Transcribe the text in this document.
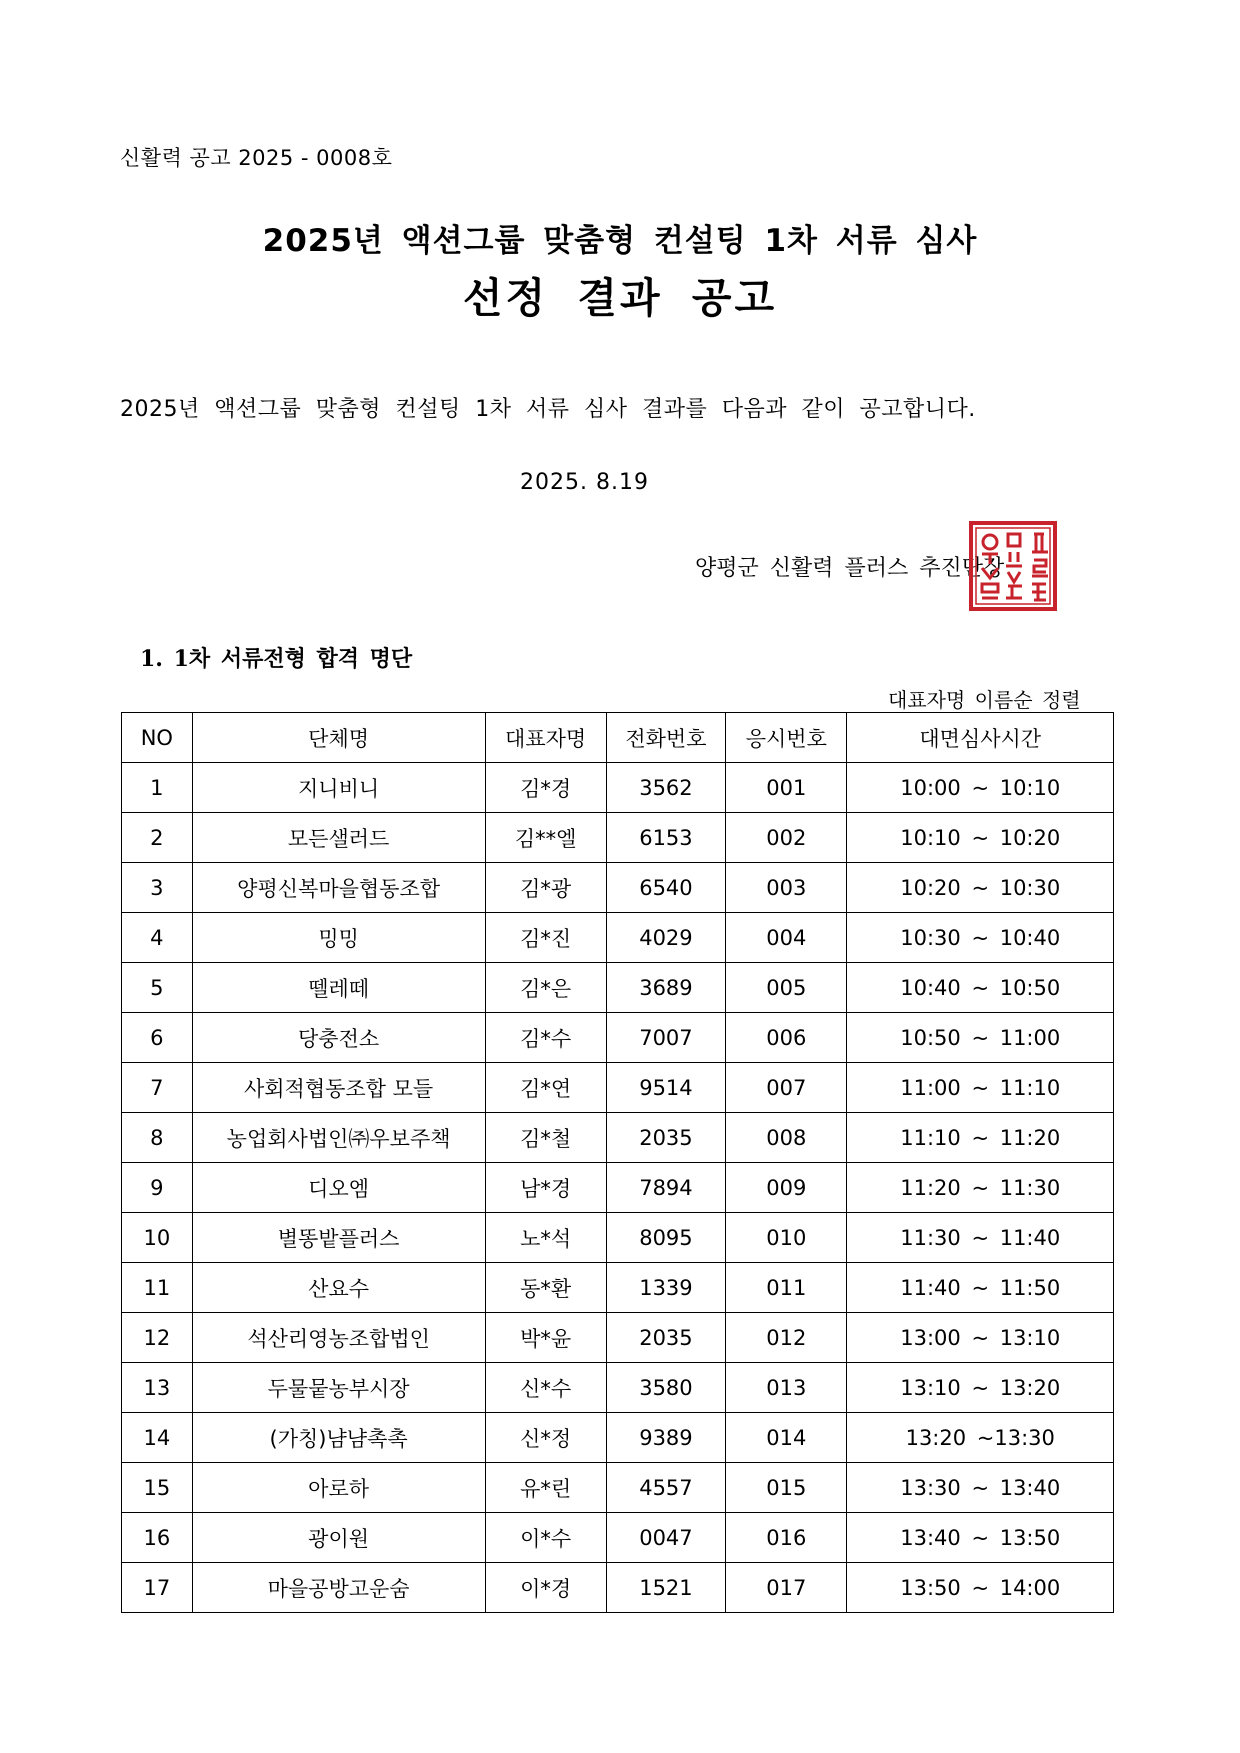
신활력 공고 2025 - 0008호
2025년 액션그룹 맞춤형 컨설팅 1차 서류 심사
선정 결과 공고
2025년 액션그룹 맞춤형 컨설팅 1차 서류 심사 결과를 다음과 같이 공고합니다.
2025. 8.19
양평군 신활력 플러스 추진단장
1. 1차 서류전형 합격 명단
대표자명 이름순 정렬
NO	단체명	대표자명	전화번호	응시번호	대면심사시간
1	지니비니	김*경	3562	001	10:00 ~ 10:10
2	모든샐러드	김**엘	6153	002	10:10 ~ 10:20
3	양평신복마을협동조합	김*광	6540	003	10:20 ~ 10:30
4	밍밍	김*진	4029	004	10:30 ~ 10:40
5	뗄레떼	김*은	3689	005	10:40 ~ 10:50
6	당충전소	김*수	7007	006	10:50 ~ 11:00
7	사회적협동조합 모들	김*연	9514	007	11:00 ~ 11:10
8	농업회사법인㈜우보주책	김*철	2035	008	11:10 ~ 11:20
9	디오엠	남*경	7894	009	11:20 ~ 11:30
10	별똥밭플러스	노*석	8095	010	11:30 ~ 11:40
11	산요수	동*환	1339	011	11:40 ~ 11:50
12	석산리영농조합법인	박*윤	2035	012	13:00 ~ 13:10
13	두물뭍농부시장	신*수	3580	013	13:10 ~ 13:20
14	(가칭)냠냠촉촉	신*정	9389	014	13:20 ~13:30
15	아로하	유*린	4557	015	13:30 ~ 13:40
16	광이원	이*수	0047	016	13:40 ~ 13:50
17	마을공방고운숨	이*경	1521	017	13:50 ~ 14:00
